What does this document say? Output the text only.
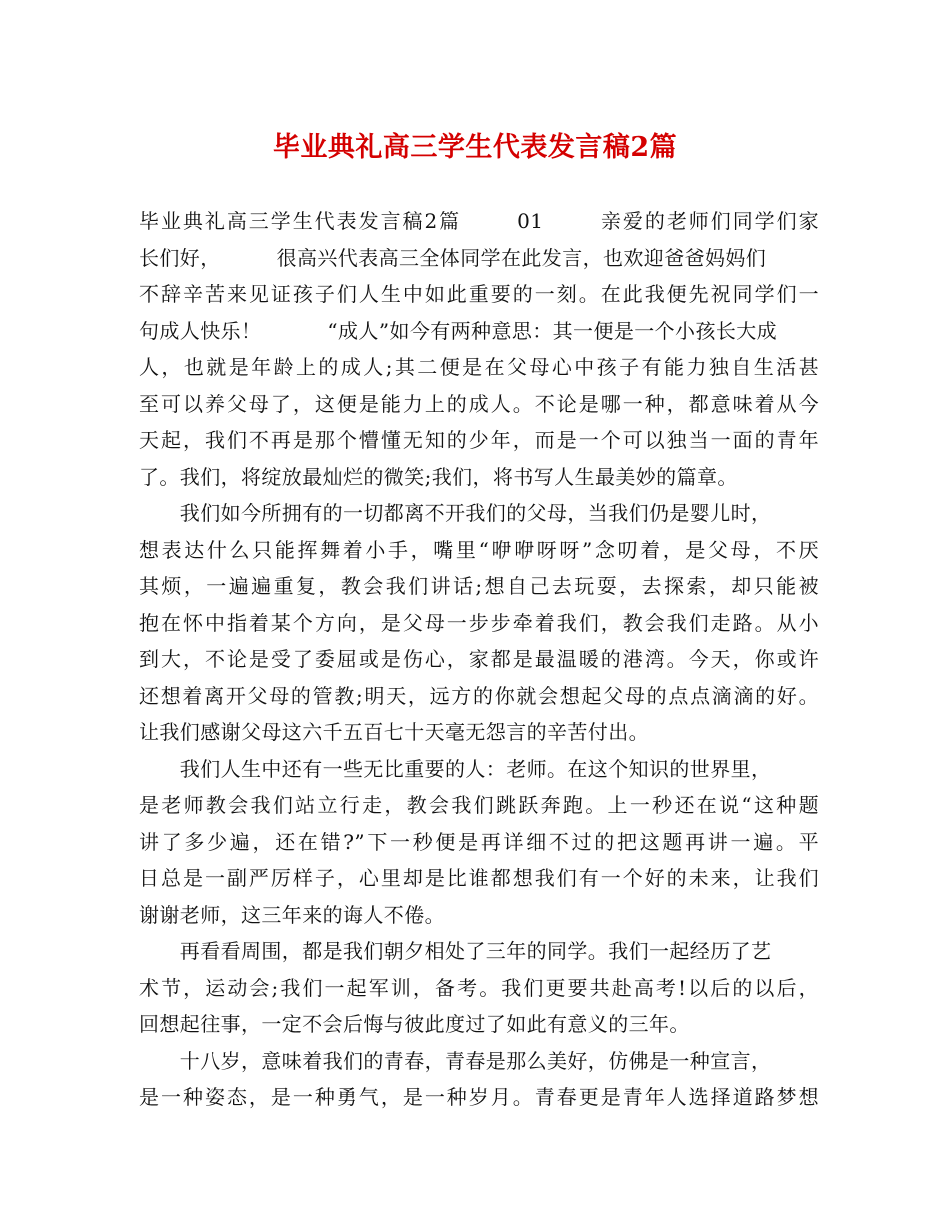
毕业典礼高三学生代表发言稿2篇
毕业典礼高三学生代表发言稿2篇	01	亲爱的老师们同学们家
长们好，	很高兴代表高三全体同学在此发言，也欢迎爸爸妈妈们
不辞辛苦来见证孩子们人生中如此重要的一刻。在此我便先祝同学们一
句成人快乐！	“成人”如今有两种意思：其一便是一个小孩长大成
人，也就是年龄上的成人;其二便是在父母心中孩子有能力独自生活甚
至可以养父母了，这便是能力上的成人。不论是哪一种，都意味着从今
天起，我们不再是那个懵懂无知的少年，而是一个可以独当一面的青年
了。我们，将绽放最灿烂的微笑;我们，将书写人生最美妙的篇章。
　　我们如今所拥有的一切都离不开我们的父母，当我们仍是婴儿时，
想表达什么只能挥舞着小手，嘴里“咿咿呀呀”念叨着，是父母，不厌
其烦，一遍遍重复，教会我们讲话;想自己去玩耍，去探索，却只能被
抱在怀中指着某个方向，是父母一步步牵着我们，教会我们走路。从小
到大，不论是受了委屈或是伤心，家都是最温暖的港湾。今天，你或许
还想着离开父母的管教;明天，远方的你就会想起父母的点点滴滴的好。
让我们感谢父母这六千五百七十天毫无怨言的辛苦付出。
　　我们人生中还有一些无比重要的人：老师。在这个知识的世界里，
是老师教会我们站立行走，教会我们跳跃奔跑。上一秒还在说“这种题
讲了多少遍，还在错?”下一秒便是再详细不过的把这题再讲一遍。平
日总是一副严厉样子，心里却是比谁都想我们有一个好的未来，让我们
谢谢老师，这三年来的诲人不倦。
　　再看看周围，都是我们朝夕相处了三年的同学。我们一起经历了艺
术节，运动会;我们一起军训，备考。我们更要共赴高考!以后的以后，
回想起往事，一定不会后悔与彼此度过了如此有意义的三年。
　　十八岁，意味着我们的青春，青春是那么美好，仿佛是一种宣言，
是一种姿态，是一种勇气，是一种岁月。青春更是青年人选择道路梦想
